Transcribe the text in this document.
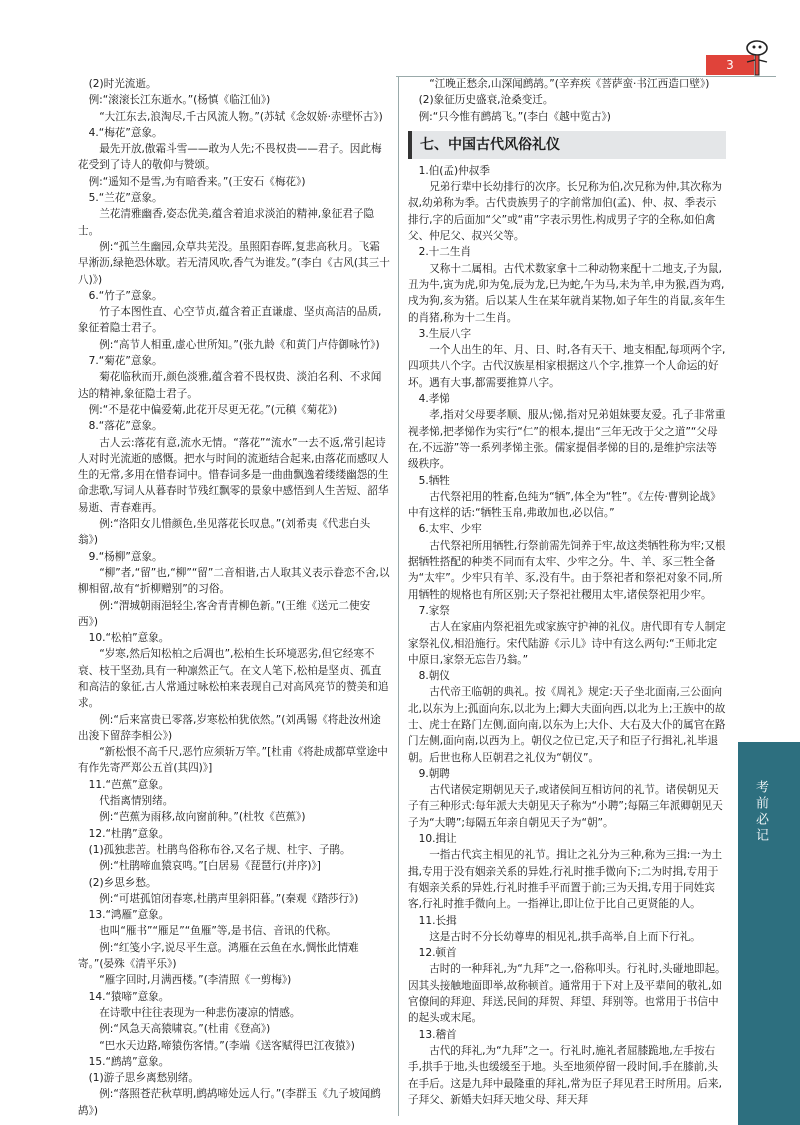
3

(2)时光流逝。

例:“滚滚长江东逝水。”(杨慎《临江仙》)

“大江东去,浪淘尽,千古风流人物。”(苏轼《念奴娇·赤壁怀古》)

4.“梅花”意象。

最先开放,傲霜斗雪——敢为人先;不畏权贵——君子。因此梅花受到了诗人的敬仰与赞颂。

例:“遥知不是雪,为有暗香来。”(王安石《梅花》)

5.“兰花”意象。

兰花清雅幽香,姿态优美,蕴含着追求淡泊的精神,象征君子隐士。

例:“孤兰生幽园,众草共芜没。虽照阳春晖,复悲高秋月。飞霜早淅沥,绿艳恐休歇。若无清风吹,香气为谁发。”(李白《古风(其三十八)》)

6.“竹子”意象。

竹子本图性直、心空节贞,蕴含着正直谦虚、坚贞高洁的品质,象征着隐士君子。

例:“高节人相重,虚心世所知。”(张九龄《和黄门卢侍御咏竹》)

7.“菊花”意象。

菊花临秋而开,颜色淡雅,蕴含着不畏权贵、淡泊名利、不求闻达的精神,象征隐士君子。

例:“不是花中偏爱菊,此花开尽更无花。”(元稹《菊花》)

8.“落花”意象。

古人云:落花有意,流水无情。“落花”“流水”一去不返,常引起诗人对时光流逝的感慨。把水与时间的流逝结合起来,由落花而感叹人生的无常,多用在惜春词中。惜春词多是一曲曲飘逸着缕缕幽怨的生命悲歌,写词人从暮春时节残红飘零的景象中感悟到人生苦短、韶华易逝、青春难再。

例:“洛阳女儿惜颜色,坐见落花长叹息。”(刘希夷《代悲白头翁》)

9.“杨柳”意象。

“柳”者,“留”也,“柳”“留”二音相谐,古人取其义表示眷恋不舍,以柳相留,故有“折柳赠别”的习俗。

例:“渭城朝雨浥轻尘,客舍青青柳色新。”(王维《送元二使安西》)

10.“松柏”意象。

“岁寒,然后知松柏之后凋也”,松柏生长环境恶劣,但它经寒不衰、枝干坚劲,具有一种凛然正气。在文人笔下,松柏是坚贞、孤直和高洁的象征,古人常通过咏松柏来表现自己对高风亮节的赞美和追求。

例:“后来富贵已零落,岁寒松柏犹依然。”(刘禹锡《将赴汝州途出浚下留辞李相公》)

“新松恨不高千尺,恶竹应须斩万竿。”[杜甫《将赴成都草堂途中有作先寄严郑公五首(其四)》]

11.“芭蕉”意象。

代指离情别绪。

例:“芭蕉为雨移,故向窗前种。”(杜牧《芭蕉》)

12.“杜鹃”意象。

(1)孤独悲苦。杜鹃鸟俗称布谷,又名子规、杜宇、子鹃。

例:“杜鹃啼血猿哀鸣。”[白居易《琵琶行(并序)》]

(2)乡思乡愁。

例:“可堪孤馆闭春寒,杜鹃声里斜阳暮。”(秦观《踏莎行》)

13.“鸿雁”意象。

也叫“雁书”“雁足”“鱼雁”等,是书信、音讯的代称。

例:“红笺小字,说尽平生意。鸿雁在云鱼在水,惆怅此情难寄。”(晏殊《清平乐》)

“雁字回时,月满西楼。”(李清照《一剪梅》)

14.“猿啼”意象。

在诗歌中往往表现为一种悲伤凄凉的情感。

例:“风急天高猿啸哀。”(杜甫《登高》)

“巴水天边路,啼猿伤客情。”(李端《送客赋得巴江夜猿》)

15.“鹧鸪”意象。

(1)游子思乡离愁别绪。

例:“落照苍茫秋草明,鹧鸪啼处远人行。”(李群玉《九子坡闻鹧鸪》)

“江晚正愁余,山深闻鹧鸪。”(辛弃疾《菩萨蛮·书江西造口壁》)

(2)象征历史盛衰,沧桑变迁。

例:“只今惟有鹧鸪飞。”(李白《越中览古》)

七、中国古代风俗礼仪

1.伯(孟)仲叔季

兄弟行辈中长幼排行的次序。长兄称为伯,次兄称为仲,其次称为叔,幼弟称为季。古代贵族男子的字前常加伯(孟)、仲、叔、季表示排行,字的后面加“父”或“甫”字表示男性,构成男子字的全称,如伯禽父、仲尼父、叔兴父等。

2.十二生肖

又称十二属相。古代术数家拿十二种动物来配十二地支,子为鼠,丑为牛,寅为虎,卯为兔,辰为龙,巳为蛇,午为马,未为羊,申为猴,酉为鸡,戌为狗,亥为猪。后以某人生在某年就肖某物,如子年生的肖鼠,亥年生的肖猪,称为十二生肖。

3.生辰八字

一个人出生的年、月、日、时,各有天干、地支相配,每项两个字,四项共八个字。古代汉族星相家根据这八个字,推算一个人命运的好坏。遇有大事,都需要推算八字。

4.孝悌

孝,指对父母要孝顺、服从;悌,指对兄弟姐妹要友爱。孔子非常重视孝悌,把孝悌作为实行“仁”的根本,提出“三年无改于父之道”“父母在,不远游”等一系列孝悌主张。儒家提倡孝悌的目的,是维护宗法等级秩序。

5.牺牲

古代祭祀用的牲畜,色纯为“牺”,体全为“牲”。《左传·曹刿论战》中有这样的话:“牺牲玉帛,弗敢加也,必以信。”

6.太牢、少牢

古代祭祀所用牺牲,行祭前需先饲养于牢,故这类牺牲称为牢;又根据牺牲搭配的种类不同而有太牢、少牢之分。牛、羊、豕三牲全备为“太牢”。少牢只有羊、豕,没有牛。由于祭祀者和祭祀对象不同,所用牺牲的规格也有所区别;天子祭祀社稷用太牢,诸侯祭祀用少牢。

7.家祭

古人在家庙内祭祀祖先或家族守护神的礼仪。唐代即有专人制定家祭礼仪,相沿施行。宋代陆游《示儿》诗中有这么两句:“王师北定中原日,家祭无忘告乃翁。”

8.朝仪

古代帝王临朝的典礼。按《周礼》规定:天子坐北面南,三公面向北,以东为上;孤面向东,以北为上;卿大夫面向西,以北为上;王族中的故士、虎士在路门左侧,面向南,以东为上;大仆、大右及大仆的属官在路门左侧,面向南,以西为上。朝仪之位已定,天子和臣子行揖礼,礼毕退朝。后世也称人臣朝君之礼仪为“朝仪”。

9.朝聘

古代诸侯定期朝见天子,或诸侯间互相访问的礼节。诸侯朝见天子有三种形式:每年派大夫朝见天子称为“小聘”;每隔三年派卿朝见天子为“大聘”;每隔五年亲自朝见天子为“朝”。

10.揖让

一指古代宾主相见的礼节。揖让之礼分为三种,称为三揖:一为土揖,专用于没有姻亲关系的异姓,行礼时推手微向下;二为时揖,专用于有姻亲关系的异姓,行礼时推手平而置于前;三为天揖,专用于同姓宾客,行礼时推手微向上。一指禅让,即让位于比自己更贤能的人。

11.长揖

这是古时不分长幼尊卑的相见礼,拱手高举,自上而下行礼。

12.顿首

古时的一种拜礼,为“九拜”之一,俗称叩头。行礼时,头碰地即起。因其头接触地面即举,故称顿首。通常用于下对上及平辈间的敬礼,如官僚间的拜迎、拜送,民间的拜贺、拜望、拜别等。也常用于书信中的起头或末尾。

13.稽首

古代的拜礼,为“九拜”之一。行礼时,施礼者屈膝跪地,左手按右手,拱手于地,头也缓缓至于地。头至地须停留一段时间,手在膝前,头在手后。这是九拜中最隆重的拜礼,常为臣子拜见君王时所用。后来,子拜父、新婚夫妇拜天地父母、拜天拜

考前必记
